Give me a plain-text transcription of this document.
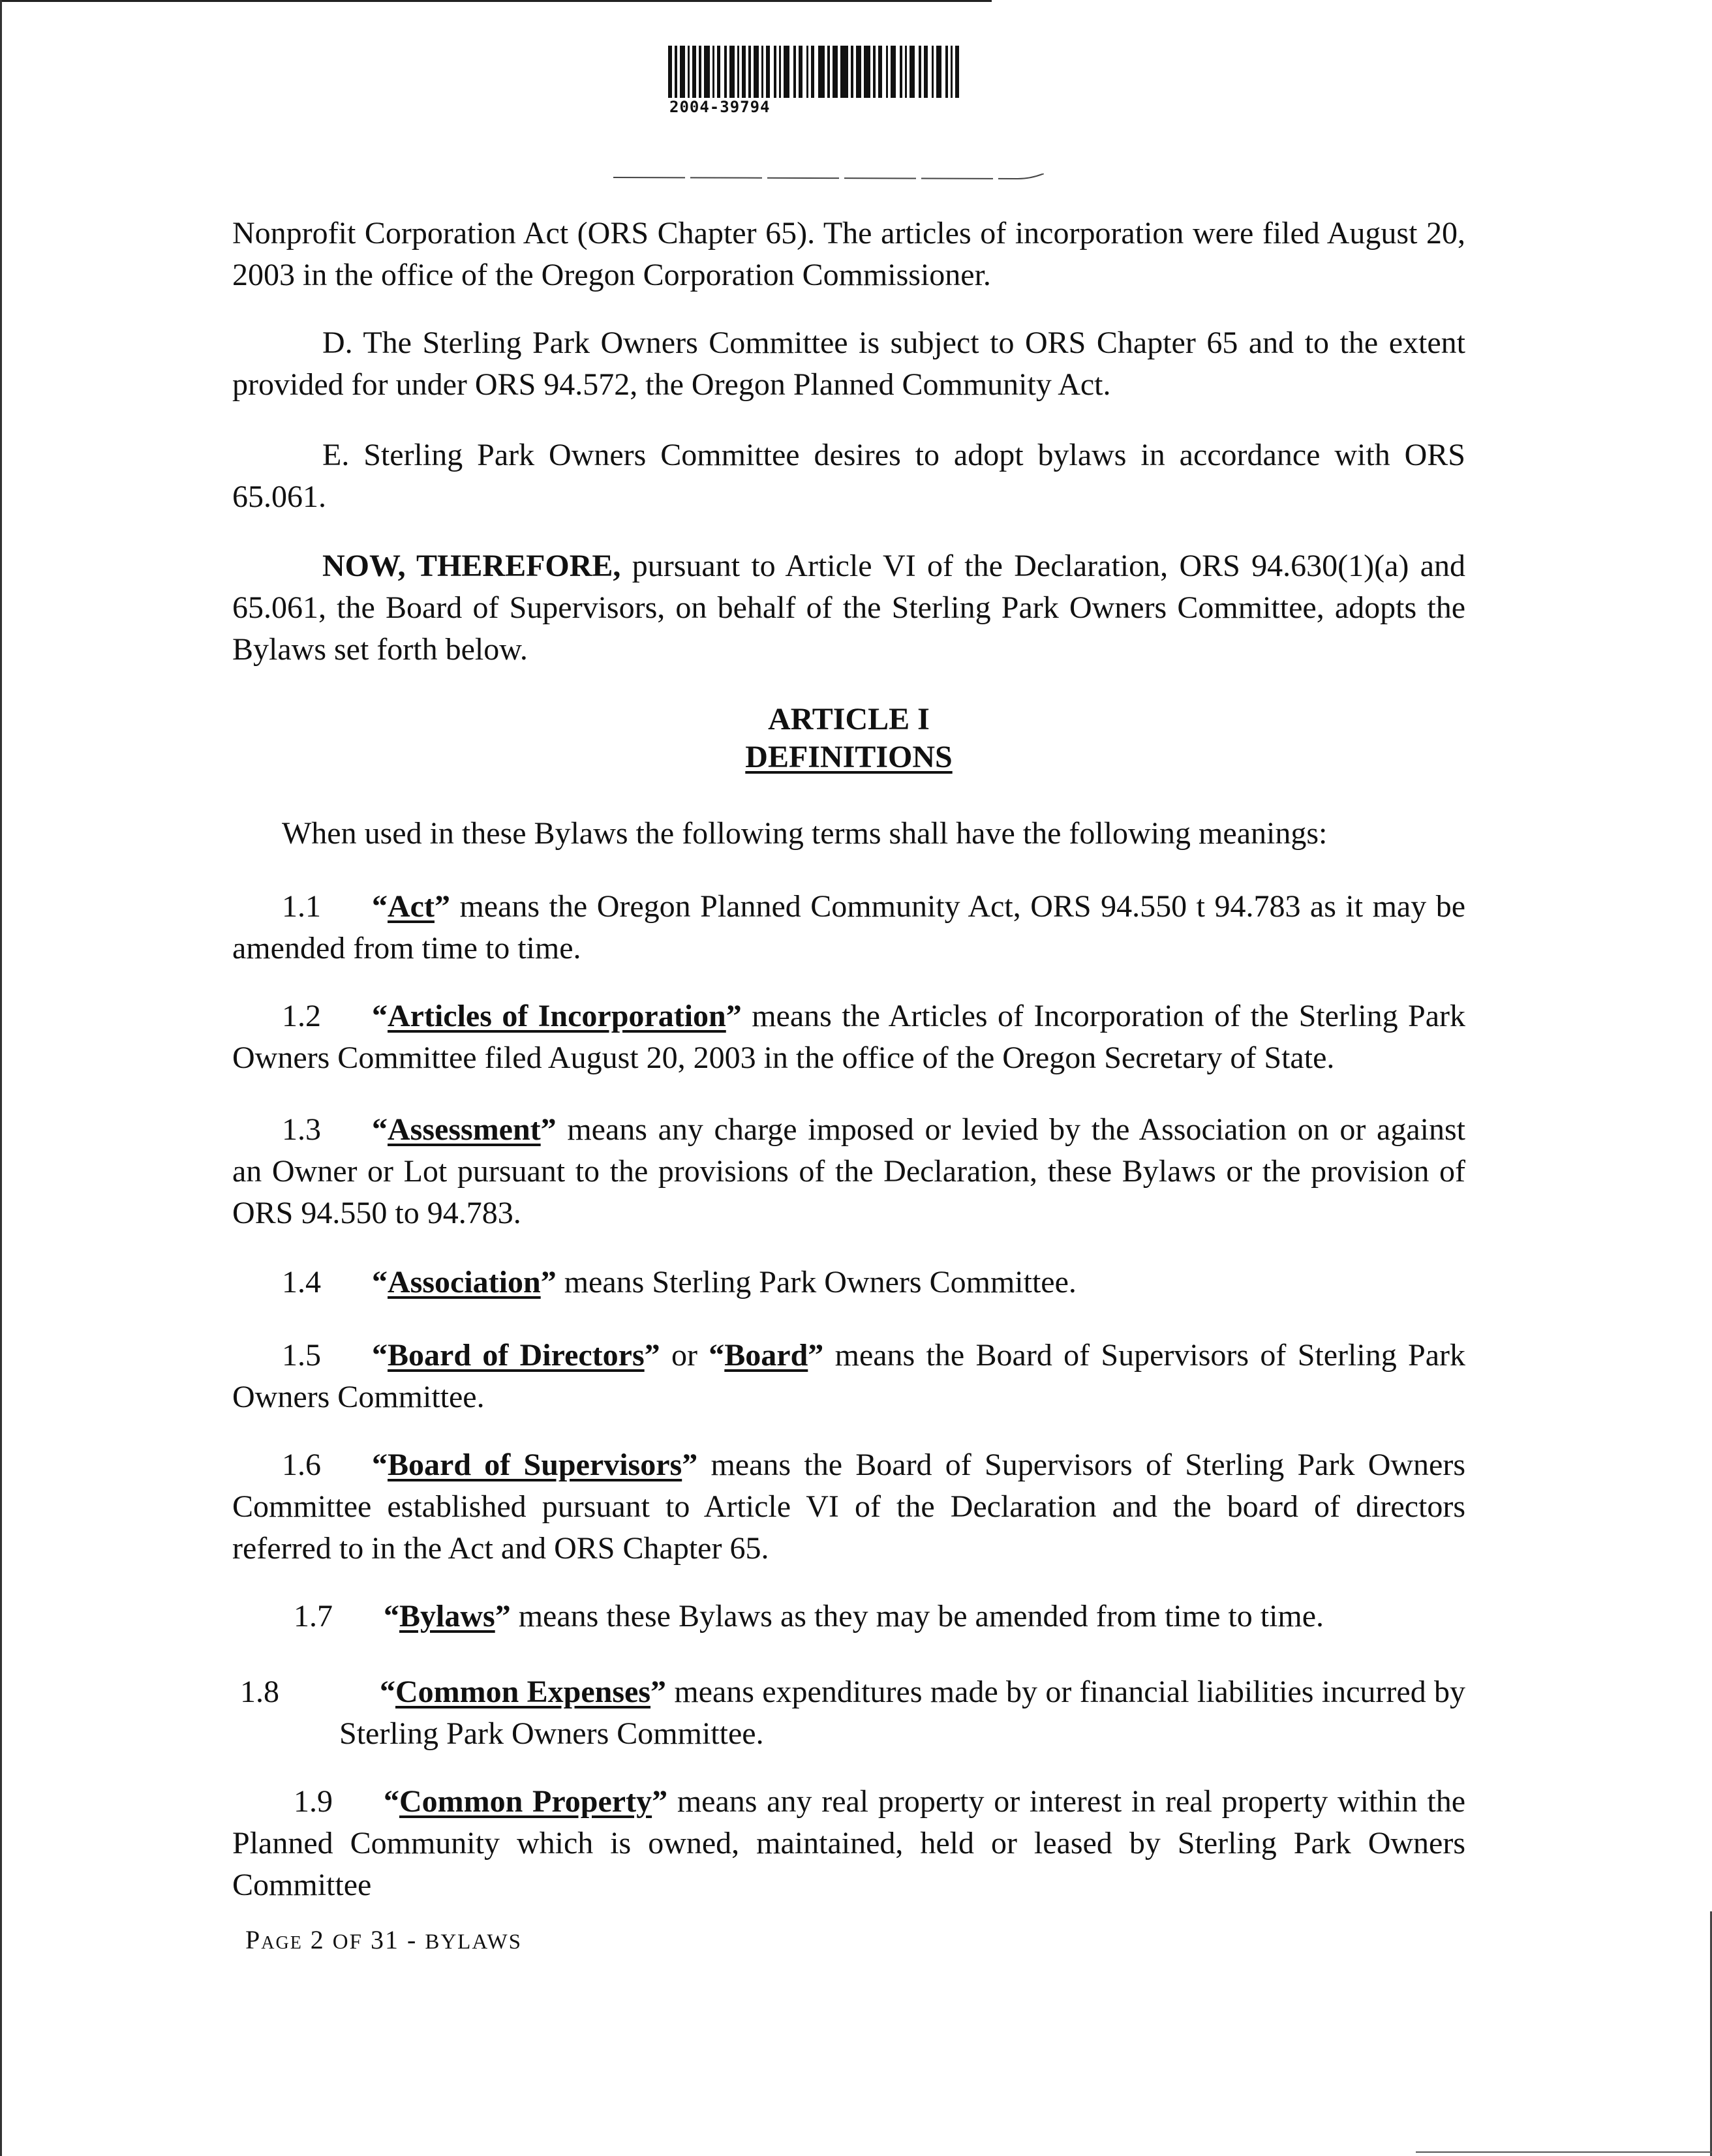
2004-39794

Nonprofit Corporation Act (ORS Chapter 65). The articles of incorporation were filed August 20, 2003 in the office of the Oregon Corporation Commissioner.

D. The Sterling Park Owners Committee is subject to ORS Chapter 65 and to the extent provided for under ORS 94.572, the Oregon Planned Community Act.

E. Sterling Park Owners Committee desires to adopt bylaws in accordance with ORS 65.061.

NOW, THEREFORE, pursuant to Article VI of the Declaration, ORS 94.630(1)(a) and 65.061, the Board of Supervisors, on behalf of the Sterling Park Owners Committee, adopts the Bylaws set forth below.

ARTICLE I
DEFINITIONS

When used in these Bylaws the following terms shall have the following meanings:

1.1 “Act” means the Oregon Planned Community Act, ORS 94.550 t 94.783 as it may be amended from time to time.

1.2 “Articles of Incorporation” means the Articles of Incorporation of the Sterling Park Owners Committee filed August 20, 2003 in the office of the Oregon Secretary of State.

1.3 “Assessment” means any charge imposed or levied by the Association on or against an Owner or Lot pursuant to the provisions of the Declaration, these Bylaws or the provision of ORS 94.550 to 94.783.

1.4 “Association” means Sterling Park Owners Committee.

1.5 “Board of Directors” or “Board” means the Board of Supervisors of Sterling Park Owners Committee.

1.6 “Board of Supervisors” means the Board of Supervisors of Sterling Park Owners Committee established pursuant to Article VI of the Declaration and the board of directors referred to in the Act and ORS Chapter 65.

1.7 “Bylaws” means these Bylaws as they may be amended from time to time.

1.8	“Common Expenses” means expenditures made by or financial liabilities incurred by Sterling Park Owners Committee.

1.9 “Common Property” means any real property or interest in real property within the Planned Community which is owned, maintained, held or leased by Sterling Park Owners Committee

Page 2 OF 31 - BYLAWS
